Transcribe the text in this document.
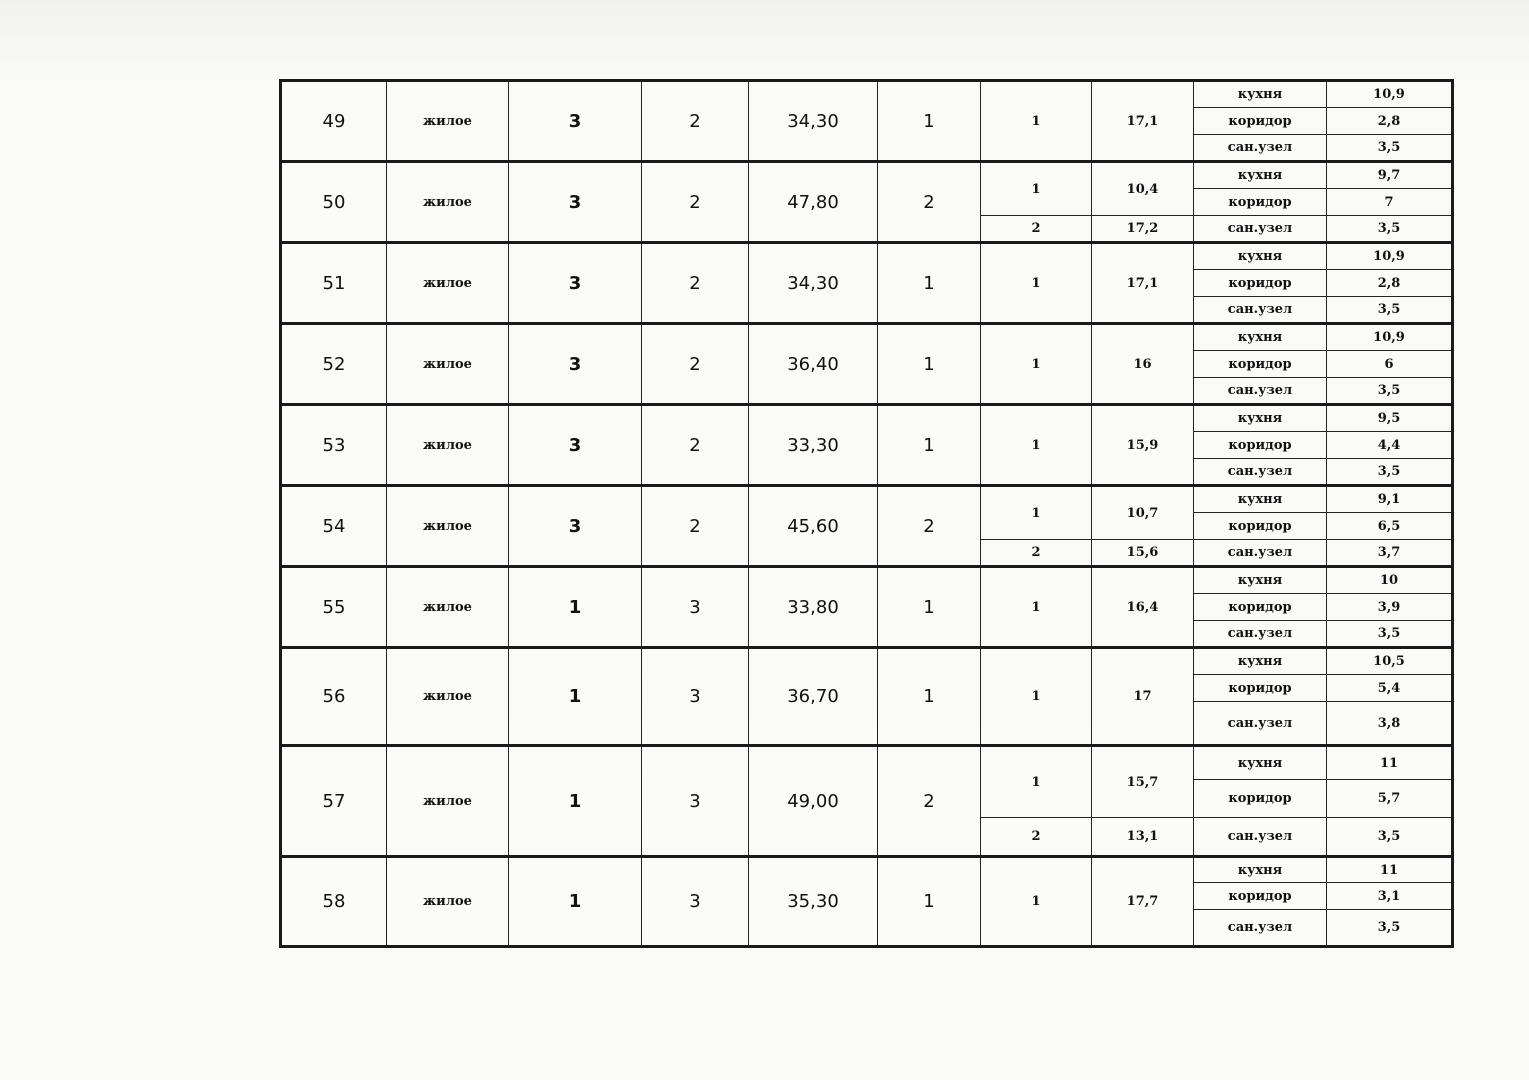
49	жилое	3	2	34,30	1	1	17,1	кухня	10,9
								коридор	2,8
								сан.узел	3,5
50	жилое	3	2	47,80	2	1	10,4	кухня	9,7
								коридор	7
						2	17,2	сан.узел	3,5
51	жилое	3	2	34,30	1	1	17,1	кухня	10,9
								коридор	2,8
								сан.узел	3,5
52	жилое	3	2	36,40	1	1	16	кухня	10,9
								коридор	6
								сан.узел	3,5
53	жилое	3	2	33,30	1	1	15,9	кухня	9,5
								коридор	4,4
								сан.узел	3,5
54	жилое	3	2	45,60	2	1	10,7	кухня	9,1
								коридор	6,5
						2	15,6	сан.узел	3,7
55	жилое	1	3	33,80	1	1	16,4	кухня	10
								коридор	3,9
								сан.узел	3,5
56	жилое	1	3	36,70	1	1	17	кухня	10,5
								коридор	5,4
								сан.узел	3,8
57	жилое	1	3	49,00	2	1	15,7	кухня	11
								коридор	5,7
						2	13,1	сан.узел	3,5
58	жилое	1	3	35,30	1	1	17,7	кухня	11
								коридор	3,1
								сан.узел	3,5
